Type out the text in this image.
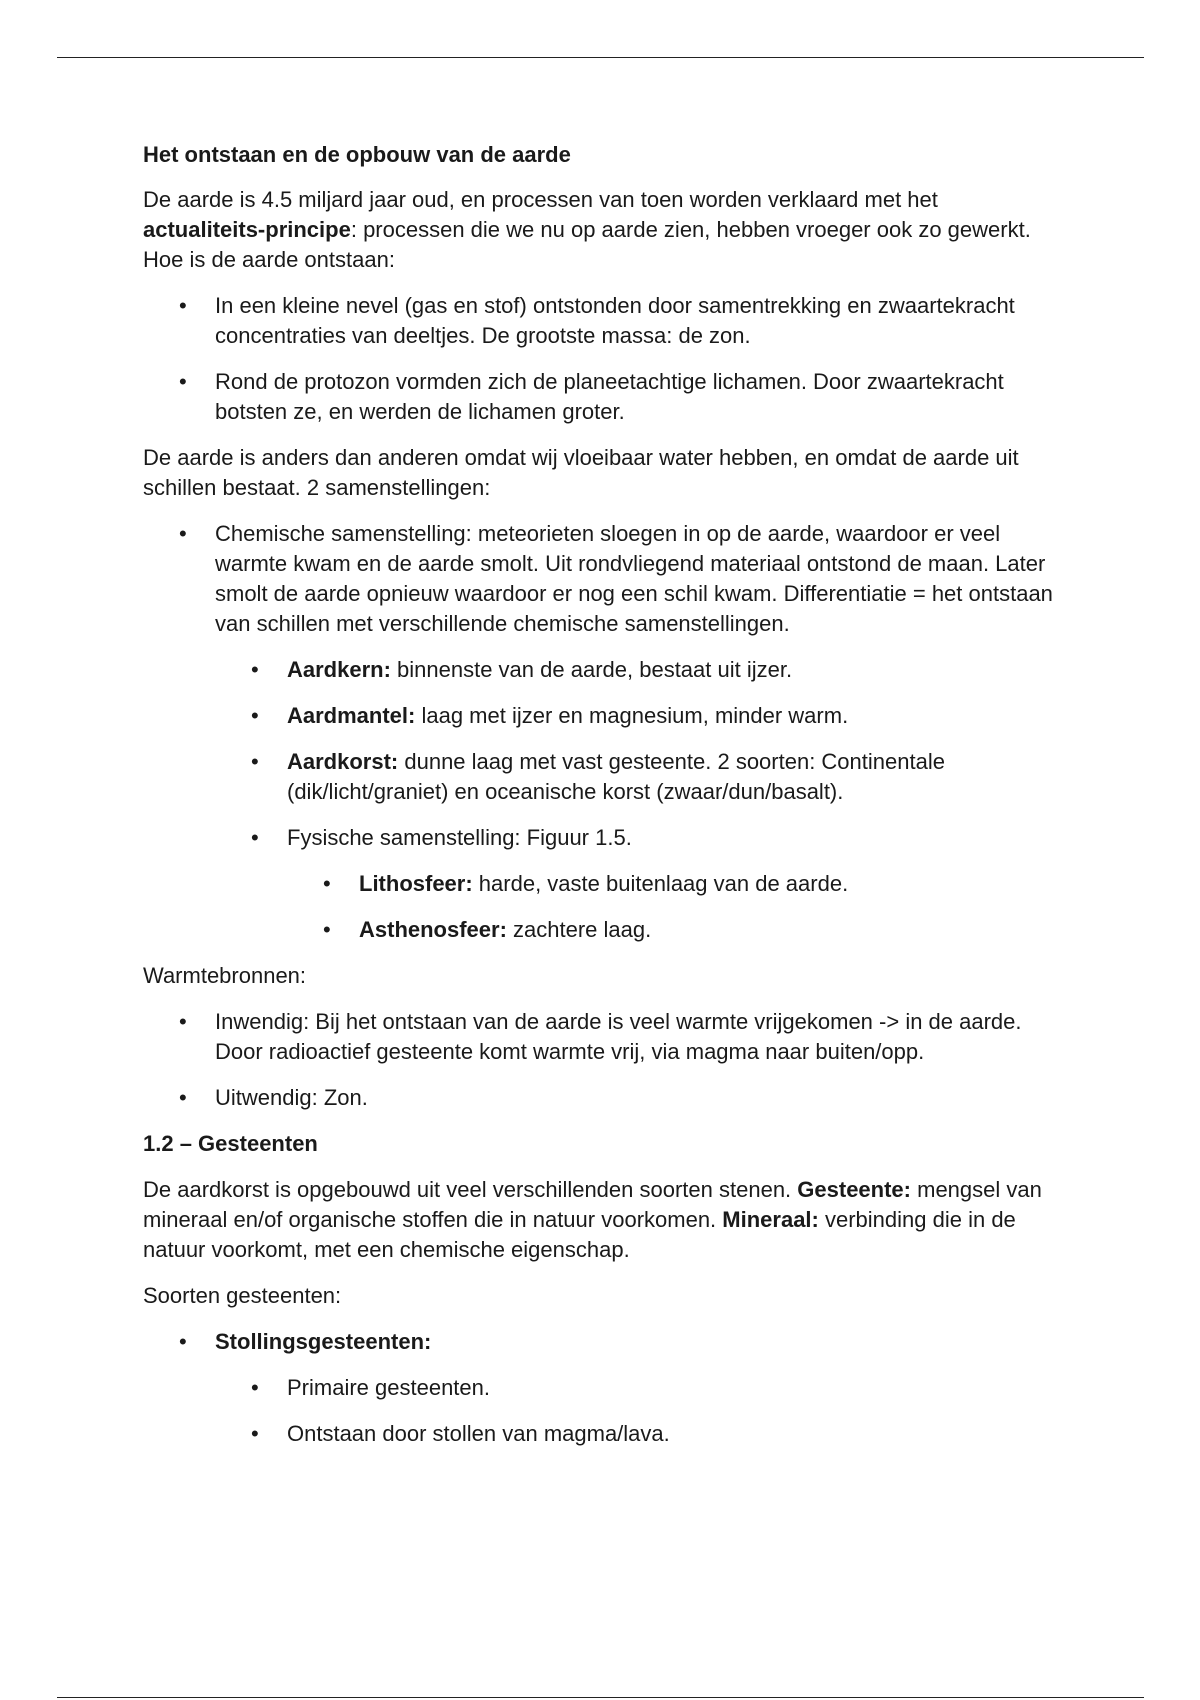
Het ontstaan en de opbouw van de aarde

De aarde is 4.5 miljard jaar oud, en processen van toen worden verklaard met het actualiteits-principe: processen die we nu op aarde zien, hebben vroeger ook zo gewerkt. Hoe is de aarde ontstaan:

• In een kleine nevel (gas en stof) ontstonden door samentrekking en zwaartekracht concentraties van deeltjes. De grootste massa: de zon.
• Rond de protozon vormden zich de planeetachtige lichamen. Door zwaartekracht botsten ze, en werden de lichamen groter.

De aarde is anders dan anderen omdat wij vloeibaar water hebben, en omdat de aarde uit schillen bestaat. 2 samenstellingen:

• Chemische samenstelling: meteorieten sloegen in op de aarde, waardoor er veel warmte kwam en de aarde smolt. Uit rondvliegend materiaal ontstond de maan. Later smolt de aarde opnieuw waardoor er nog een schil kwam. Differentiatie = het ontstaan van schillen met verschillende chemische samenstellingen.
• Aardkern: binnenste van de aarde, bestaat uit ijzer.
• Aardmantel: laag met ijzer en magnesium, minder warm.
• Aardkorst: dunne laag met vast gesteente. 2 soorten: Continentale (dik/licht/graniet) en oceanische korst (zwaar/dun/basalt).
• Fysische samenstelling: Figuur 1.5.
• Lithosfeer: harde, vaste buitenlaag van de aarde.
• Asthenosfeer: zachtere laag.

Warmtebronnen:

• Inwendig: Bij het ontstaan van de aarde is veel warmte vrijgekomen -> in de aarde. Door radioactief gesteente komt warmte vrij, via magma naar buiten/opp.
• Uitwendig: Zon.
1.2 – Gesteenten

De aardkorst is opgebouwd uit veel verschillenden soorten stenen. Gesteente: mengsel van mineraal en/of organische stoffen die in natuur voorkomen. Mineraal: verbinding die in de natuur voorkomt, met een chemische eigenschap.

Soorten gesteenten:

• Stollingsgesteenten:
• Primaire gesteenten.
• Ontstaan door stollen van magma/lava.
